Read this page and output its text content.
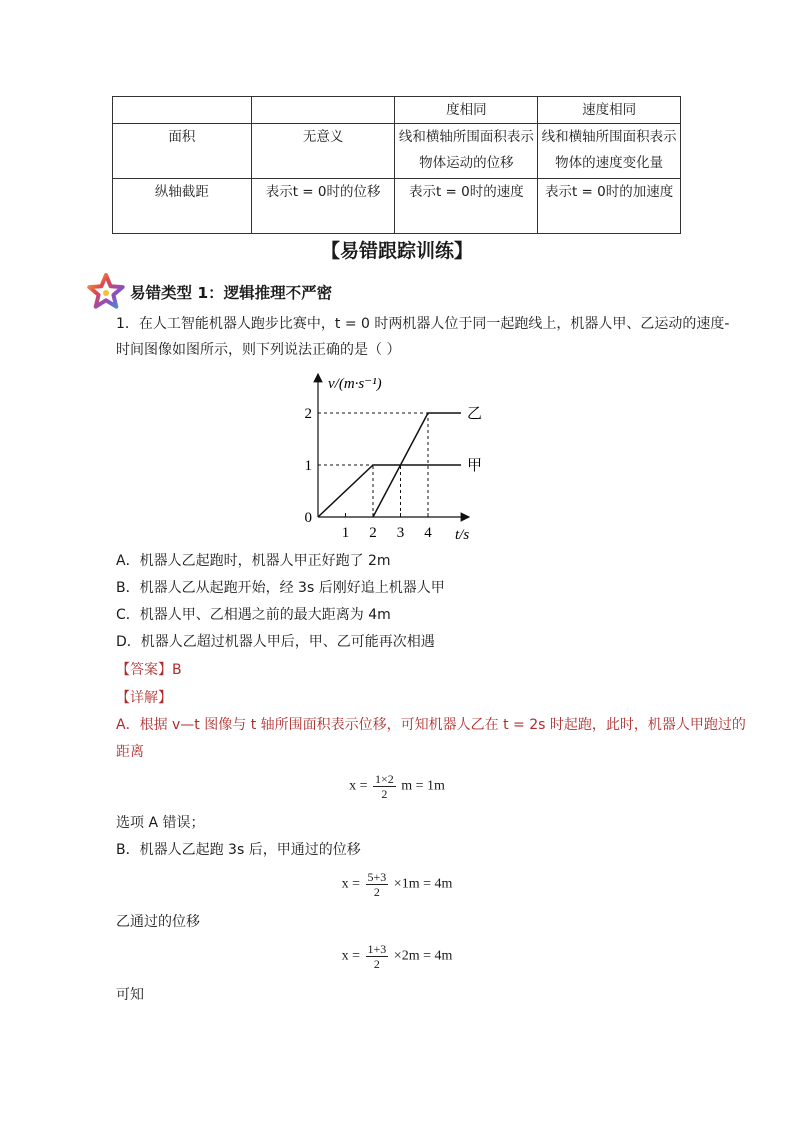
		度相同	速度相同
面积	无意义	线和横轴所围面积表示物体运动的位移	线和横轴所围面积表示物体的速度变化量
纵轴截距	表示t = 0时的位移	表示t = 0时的速度	表示t = 0时的加速度
【易错跟踪训练】
易错类型 1：逻辑推理不严密
1．在人工智能机器人跑步比赛中，t = 0 时两机器人位于同一起跑线上，机器人甲、乙运动的速度-
时间图像如图所示，则下列说法正确的是（ ）
1 2 3 4
0
1
2
甲
乙
v/(m·s⁻¹)
t/s
A．机器人乙起跑时，机器人甲正好跑了 2m
B．机器人乙从起跑开始，经 3s 后刚好追上机器人甲
C．机器人甲、乙相遇之前的最大距离为 4m
D．机器人乙超过机器人甲后，甲、乙可能再次相遇
【答案】B
【详解】
A．根据 v—t 图像与 t 轴所围面积表示位移，可知机器人乙在 t = 2s 时起跑，此时，机器人甲跑过的
距离
$x = \frac{1\times 2}{2}$ m = 1m
选项 A 错误；
B．机器人乙起跑 3s 后，甲通过的位移
$x = \frac{5+3}{2} \times 1m = 4m$
乙通过的位移
$x = \frac{1+3}{2} \times 2m = 4m$
可知
